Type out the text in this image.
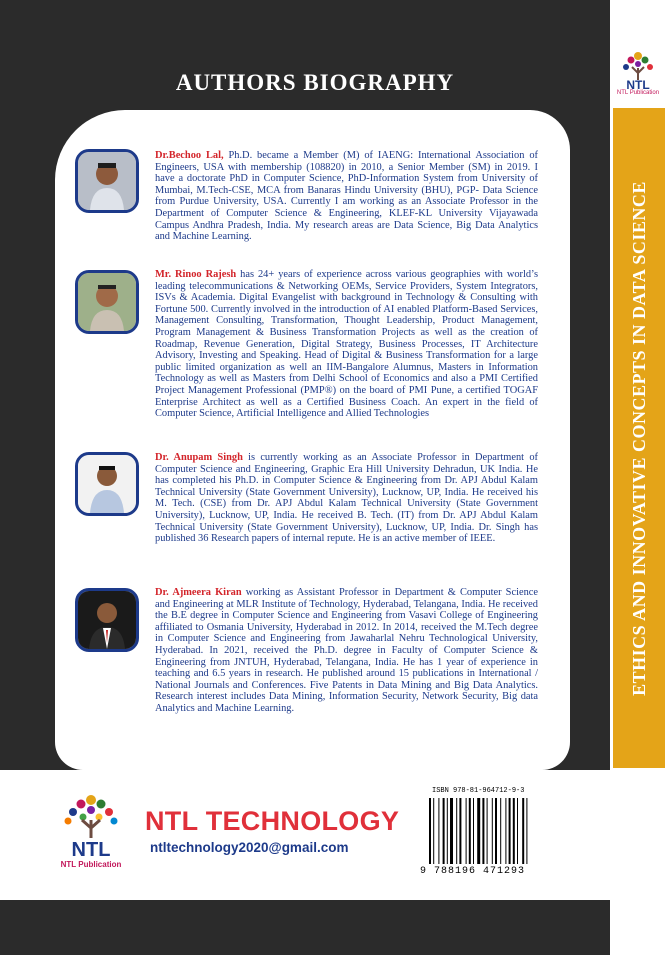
ETHICS AND INNOVATIVE CONCEPTS IN DATA SCIENCE
NTL
NTL Publication
AUTHORS BIOGRAPHY
Dr.Bechoo Lal, Ph.D. became a Member (M) of IAENG: International Association of Engineers, USA with membership (108820) in 2010, a Senior Member (SM) in 2019. I have a doctorate PhD in Computer Science, PhD-Information System from University of Mumbai, M.Tech-CSE, MCA from Banaras Hindu University (BHU), PGP- Data Science from Purdue University, USA. Currently I am working as an Associate Professor in the Department of Computer Science & Engineering, KLEF-KL University Vijayawada Campus Andhra Pradesh, India. My research areas are Data Science, Big Data Analytics and Machine Learning.
Mr. Rinoo Rajesh has 24+ years of experience across various geographies with world’s leading telecommunications & Networking OEMs, Service Providers, System Integrators, ISVs & Academia. Digital Evangelist with background in Technology & Consulting with Fortune 500. Currently involved in the introduction of AI enabled Platform-Based Services, Management Consulting, Transformation, Thought Leadership, Product Management, Program Management & Business Transformation Projects as well as the creation of Roadmap, Revenue Generation, Digital Strategy, Business Processes, IT Architecture Advisory, Investing and Speaking. Head of Digital & Business Transformation for a large public limited organization as well an IIM-Bangalore Alumnus, Masters in Information Technology as well as Masters from Delhi School of Economics and also a PMI Certified Project Management Professional (PMP®) on the board of PMI Pune, a certified TOGAF Enterprise Architect as well as a Certified Business Coach. An expert in the field of Computer Science, Artificial Intelligence and Allied Technologies
Dr. Anupam Singh is currently working as an Associate Professor in Department of Computer Science and Engineering, Graphic Era Hill University Dehradun, UK India. He has completed his Ph.D. in Computer Science & Engineering from Dr. APJ Abdul Kalam Technical University (State Government University), Lucknow, UP, India. He received his M. Tech. (CSE) from Dr. APJ Abdul Kalam Technical University (State Government University), Lucknow, UP, India. He received B. Tech. (IT) from Dr. APJ Abdul Kalam Technical University (State Government University), Lucknow, UP, India. Dr. Singh has published 36 Research papers of internal repute. He is an active member of IEEE.
Dr. Ajmeera Kiran working as Assistant Professor in Department & Computer Science and Engineering at MLR Institute of Technology, Hyderabad, Telangana, India. He received the B.E degree in Computer Science and Engineering from Vasavi College of Engineering affiliated to Osmania University, Hyderabad in 2012. In 2014, received the M.Tech degree in Computer Science and Engineering from Jawaharlal Nehru Technological University, Hyderabad. In 2021, received the Ph.D. degree in Faculty of Computer Science & Engineering from JNTUH, Hyderabad, Telangana, India. He has 1 year of experience in teaching and 6.5 years in research. He published around 15 publications in International / National Journals and Conferences. Five Patents in Data Mining and Big Data Analytics. Research interest includes Data Mining, Information Security, Network Security, Big data Analytics and Machine Learning.
NTL
NTL Publication
NTL TECHNOLOGY
ntltechnology2020@gmail.com
ISBN 978-81-964712-9-3
9 788196 471293
